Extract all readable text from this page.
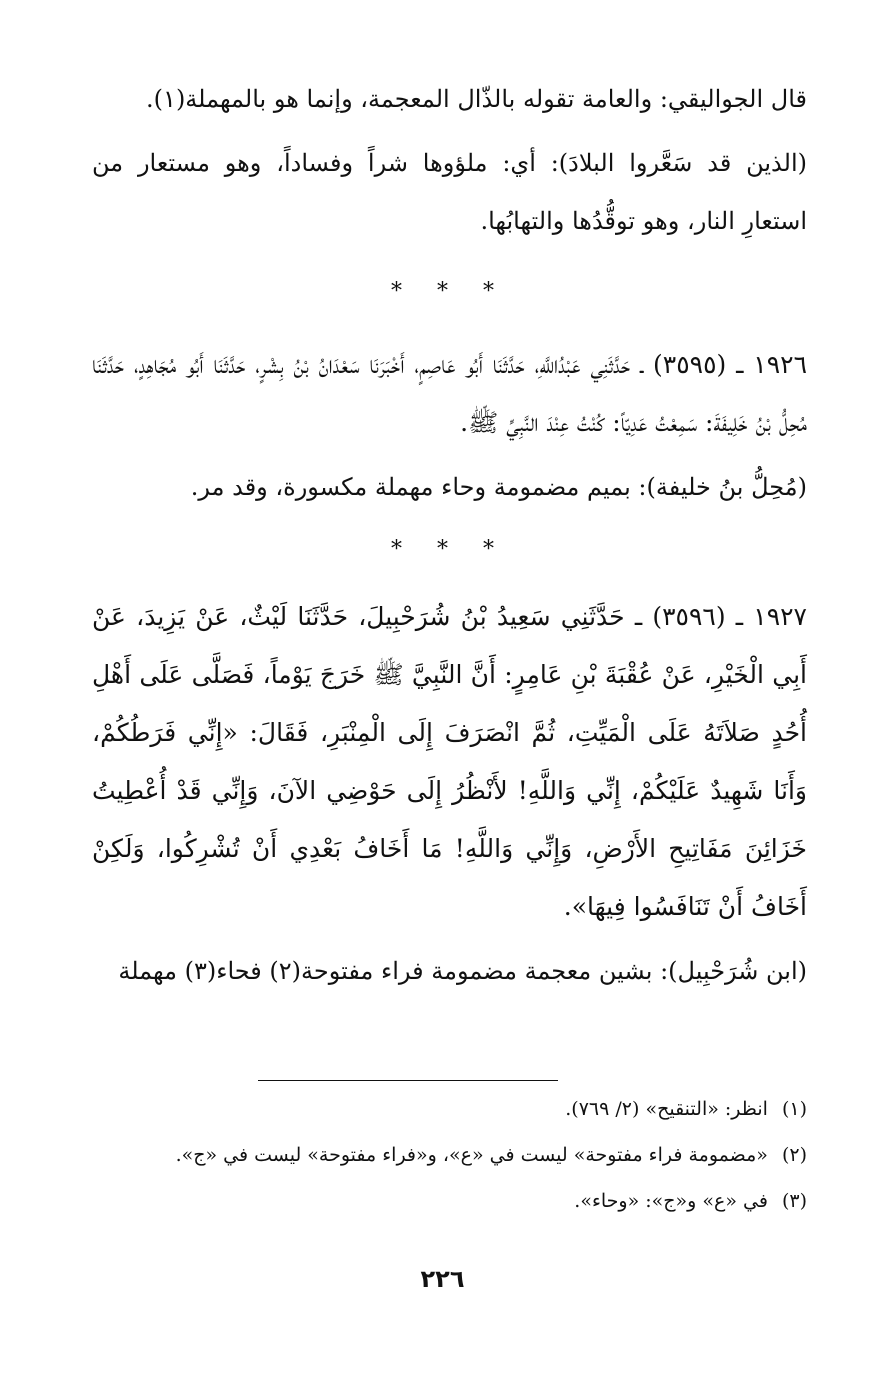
قال الجواليقي: والعامة تقوله بالذّال المعجمة، وإنما هو بالمهملة(١).

(الذين قد سَعَّروا البلادَ): أي: ملؤوها شراً وفساداً، وهو مستعار من استعارِ النار، وهو توقُّدُها والتهابُها.

* * *

١٩٢٦ ـ (٣٥٩٥) ـ حَدَّثَنِي عَبْدُاللَّهِ، حَدَّثَنَا أَبُو عَاصِمٍ، أَخْبَرَنَا سَعْدَانُ بْنُ بِشْرٍ، حَدَّثَنَا أَبُو مُجَاهِدٍ، حَدَّثَنَا مُحِلُّ بْنُ خَلِيفَةَ: سَمِعْتُ عَدِيّاً: كُنْتُ عِنْدَ النَّبِيِّ ﷺ.

(مُحِلُّ بنُ خليفة): بميم مضمومة وحاء مهملة مكسورة، وقد مر.

* * *

١٩٢٧ ـ (٣٥٩٦) ـ حَدَّثَنِي سَعِيدُ بْنُ شُرَحْبِيلَ، حَدَّثَنَا لَيْثٌ، عَنْ يَزِيدَ، عَنْ أَبِي الْخَيْرِ، عَنْ عُقْبَةَ بْنِ عَامِرٍ: أَنَّ النَّبِيَّ ﷺ خَرَجَ يَوْماً، فَصَلَّى عَلَى أَهْلِ أُحُدٍ صَلاَتَهُ عَلَى الْمَيِّتِ، ثُمَّ انْصَرَفَ إِلَى الْمِنْبَرِ، فَقَالَ: «إِنِّي فَرَطُكُمْ، وَأَنَا شَهِيدٌ عَلَيْكُمْ، إِنِّي وَاللَّهِ! لأَنْظُرُ إِلَى حَوْضِي الآنَ، وَإِنِّي قَدْ أُعْطِيتُ خَزَائِنَ مَفَاتِيحِ الأَرْضِ، وَإِنِّي وَاللَّهِ! مَا أَخَافُ بَعْدِي أَنْ تُشْرِكُوا، وَلَكِنْ أَخَافُ أَنْ تَنَافَسُوا فِيهَا».

(ابن شُرَحْبِيل): بشين معجمة مضمومة فراء مفتوحة(٢) فحاء(٣) مهملة

(١)انظر: «التنقيح» (٢/ ٧٦٩).

(٢)«مضمومة فراء مفتوحة» ليست في «ع»، و«فراء مفتوحة» ليست في «ج».

(٣)في «ع» و«ج»: «وحاء».

٢٢٦
